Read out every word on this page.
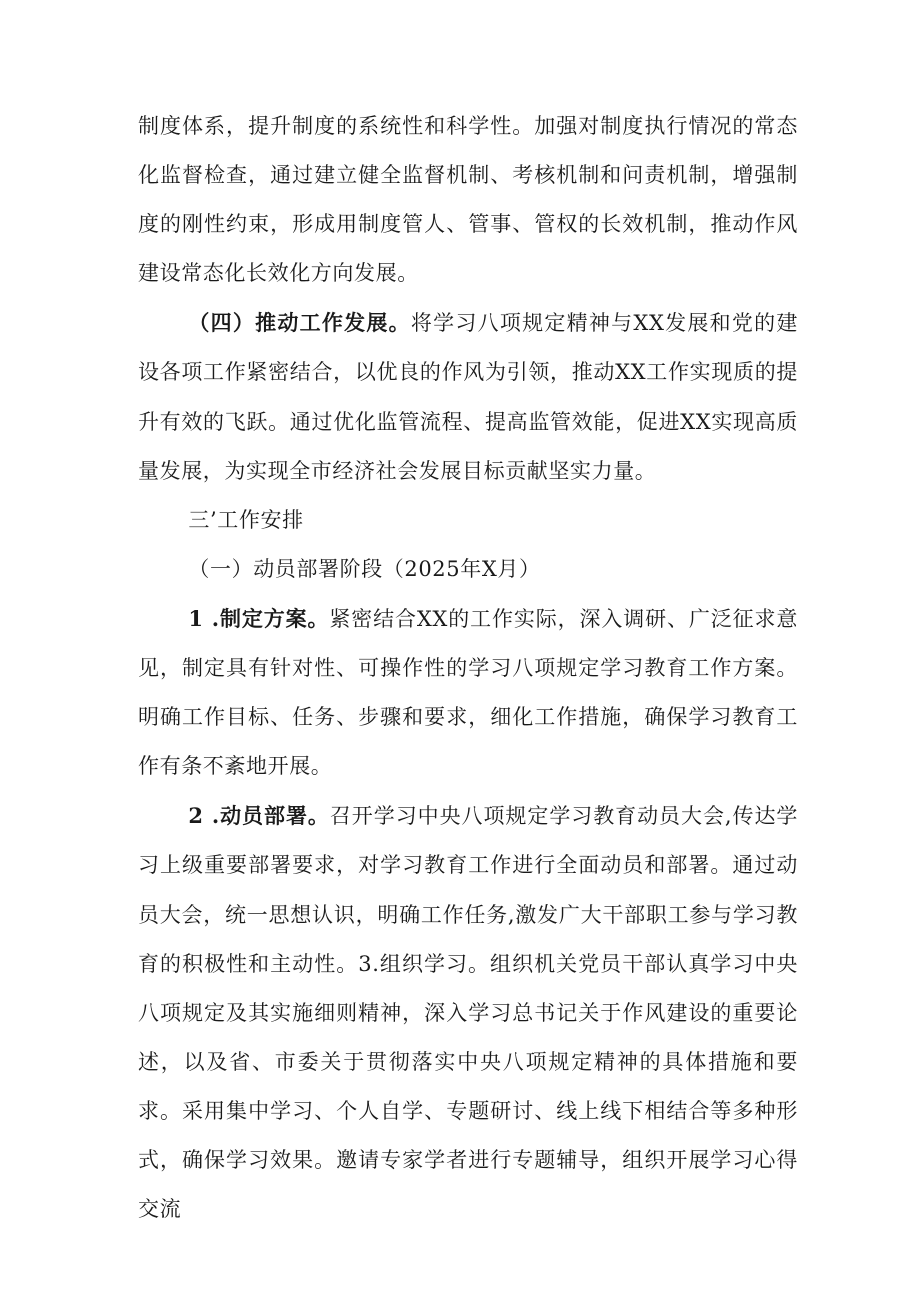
制度体系，提升制度的系统性和科学性。加强对制度执行情况的常态化监督检查，通过建立健全监督机制、考核机制和问责机制，增强制度的刚性约束，形成用制度管人、管事、管权的长效机制，推动作风建设常态化长效化方向发展。

（四）推动工作发展。将学习八项规定精神与XX发展和党的建设各项工作紧密结合，以优良的作风为引领，推动XX工作实现质的提升有效的飞跃。通过优化监管流程、提高监管效能，促进XX实现高质量发展，为实现全市经济社会发展目标贡献坚实力量。

三’工作安排

（一）动员部署阶段（2025年X月）

1 .制定方案。紧密结合XX的工作实际，深入调研、广泛征求意见，制定具有针对性、可操作性的学习八项规定学习教育工作方案。明确工作目标、任务、步骤和要求，细化工作措施，确保学习教育工作有条不紊地开展。

2 .动员部署。召开学习中央八项规定学习教育动员大会,传达学习上级重要部署要求，对学习教育工作进行全面动员和部署。通过动员大会，统一思想认识，明确工作任务,激发广大干部职工参与学习教育的积极性和主动性。3.组织学习。组织机关党员干部认真学习中央八项规定及其实施细则精神，深入学习总书记关于作风建设的重要论述，以及省、市委关于贯彻落实中央八项规定精神的具体措施和要求。采用集中学习、个人自学、专题研讨、线上线下相结合等多种形式，确保学习效果。邀请专家学者进行专题辅导，组织开展学习心得交流
